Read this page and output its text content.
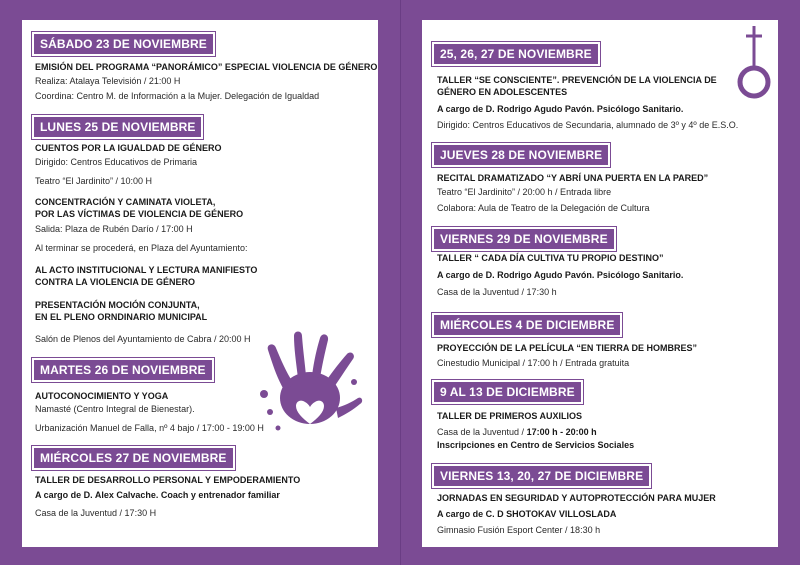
SÁBADO 23 DE NOVIEMBRE
EMISIÓN DEL PROGRAMA “PANORÁMICO” ESPECIAL VIOLENCIA DE GÉNERO
Realiza: Atalaya Televisión / 21:00 H
Coordina: Centro M. de Información a la Mujer. Delegación de Igualdad
LUNES 25 DE NOVIEMBRE
CUENTOS POR LA IGUALDAD DE GÉNERO
Dirigido: Centros Educativos de Primaria
Teatro “El Jardinito” / 10:00 H
CONCENTRACIÓN Y CAMINATA VIOLETA,
POR LAS VÍCTIMAS DE VIOLENCIA DE GÉNERO
Salida: Plaza de Rubén Darío / 17:00 H
Al terminar se procederá, en Plaza del Ayuntamiento:
AL ACTO INSTITUCIONAL Y LECTURA MANIFIESTO
CONTRA LA VIOLENCIA DE GÉNERO
PRESENTACIÓN MOCIÓN CONJUNTA,
EN EL PLENO ORNDINARIO MUNICIPAL
Salón de Plenos del Ayuntamiento de Cabra / 20:00 H
MARTES 26 DE NOVIEMBRE
AUTOCONOCIMIENTO Y YOGA
Namasté (Centro Integral de Bienestar).
Urbanización Manuel de Falla, nº 4 bajo / 17:00 - 19:00 H
MIÉRCOLES 27 DE NOVIEMBRE
TALLER DE DESARROLLO PERSONAL Y EMPODERAMIENTO
A cargo de D. Alex Calvache. Coach y entrenador familiar
Casa de la Juventud / 17:30 H
25, 26, 27 DE NOVIEMBRE
TALLER “SE CONSCIENTE”. PREVENCIÓN DE LA VIOLENCIA DE
GÉNERO EN ADOLESCENTES
A cargo de D. Rodrigo Agudo Pavón. Psicólogo Sanitario.
Dirigido: Centros Educativos de Secundaria, alumnado de 3º y 4º de E.S.O.
JUEVES 28 DE NOVIEMBRE
RECITAL DRAMATIZADO “Y ABRÍ UNA PUERTA EN LA PARED”
Teatro “El Jardinito” / 20:00 h / Entrada libre
Colabora: Aula de Teatro de la Delegación de Cultura
VIERNES 29 DE NOVIEMBRE
TALLER “ CADA DÍA CULTIVA TU PROPIO DESTINO”
A cargo de D. Rodrigo Agudo Pavón. Psicólogo Sanitario.
Casa de la Juventud / 17:30 h
MIÉRCOLES 4 DE DICIEMBRE
PROYECCIÓN DE LA PELÍCULA “EN TIERRA DE HOMBRES”
Cinestudio Municipal / 17:00 h / Entrada gratuita
9 AL 13 DE DICIEMBRE
TALLER DE PRIMEROS AUXILIOS
Casa de la Juventud / 17:00 h - 20:00 h
Inscripciones en Centro de Servicios Sociales
VIERNES 13, 20, 27 DE DICIEMBRE
JORNADAS EN SEGURIDAD Y AUTOPROTECCIÓN PARA MUJER
A cargo de C. D SHOTOKAV VILLOSLADA
Gimnasio Fusión Esport Center / 18:30 h
